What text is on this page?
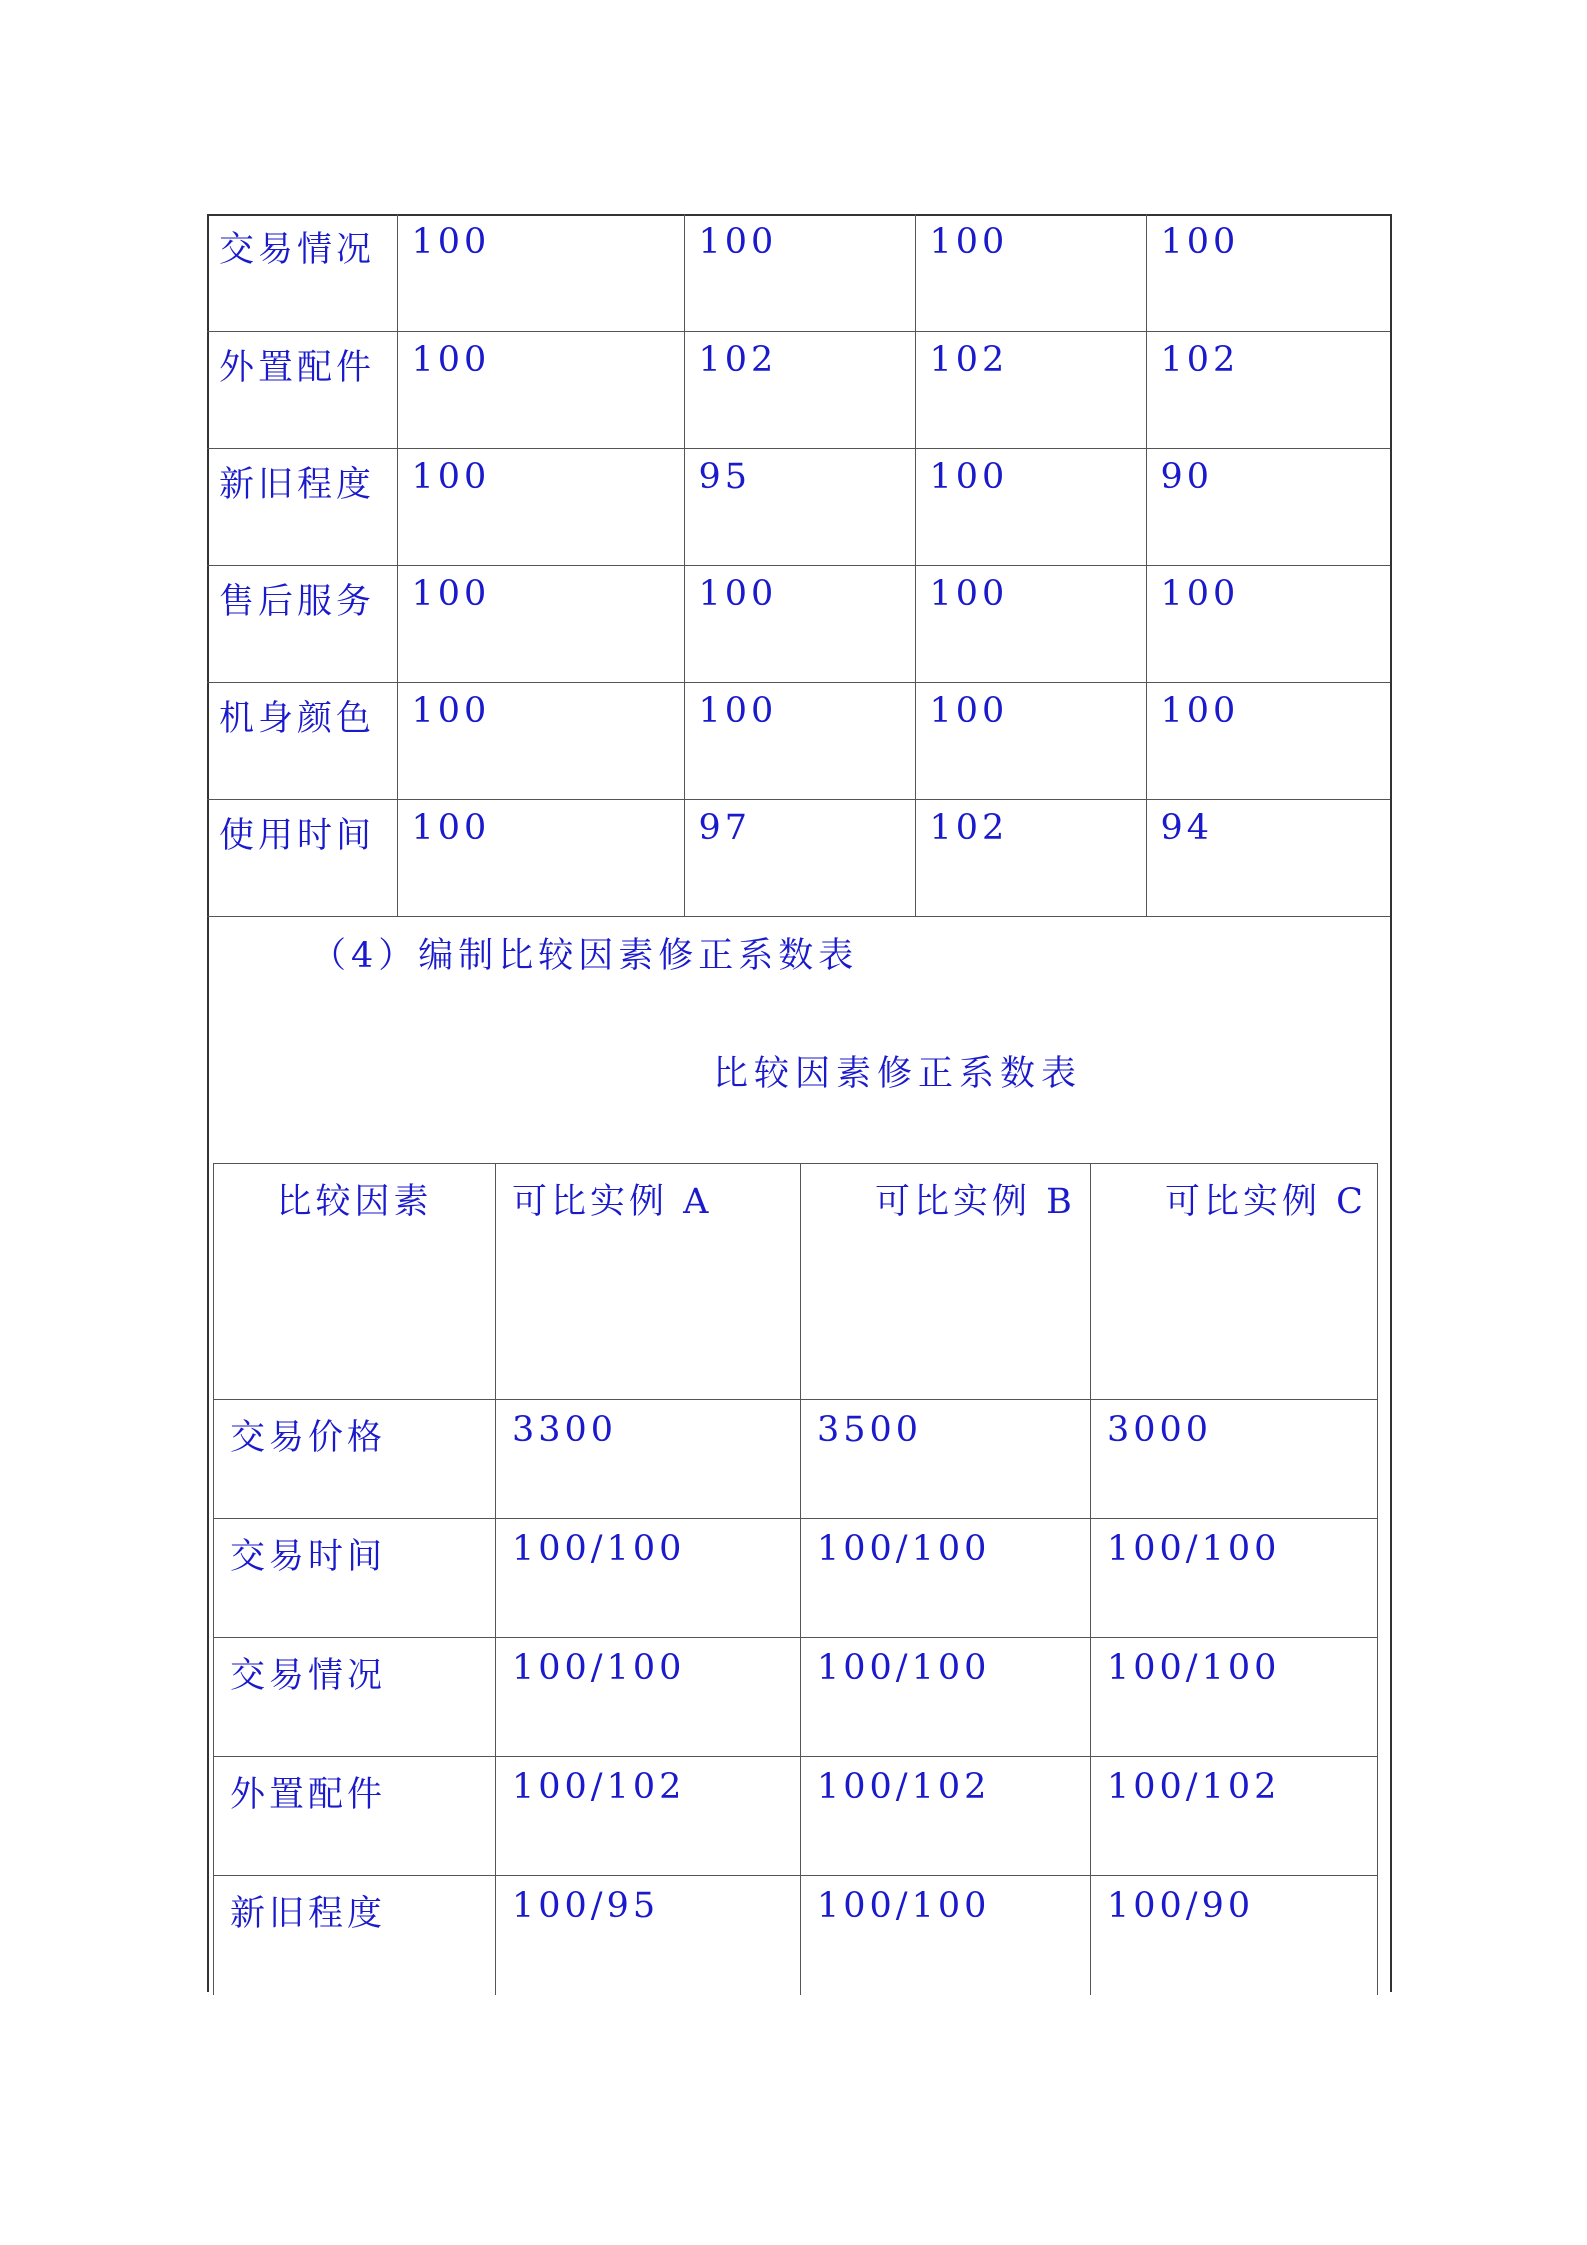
交易情况	100	100	100	100
外置配件	100	102	102	102
新旧程度	100	95	100	90
售后服务	100	100	100	100
机身颜色	100	100	100	100
使用时间	100	97	102	94
（4）编制比较因素修正系数表
比较因素修正系数表
比较因素	可比实例 A	可比实例 B	可比实例 C
交易价格	3300	3500	3000
交易时间	100/100	100/100	100/100
交易情况	100/100	100/100	100/100
外置配件	100/102	100/102	100/102
新旧程度	100/95	100/100	100/90
